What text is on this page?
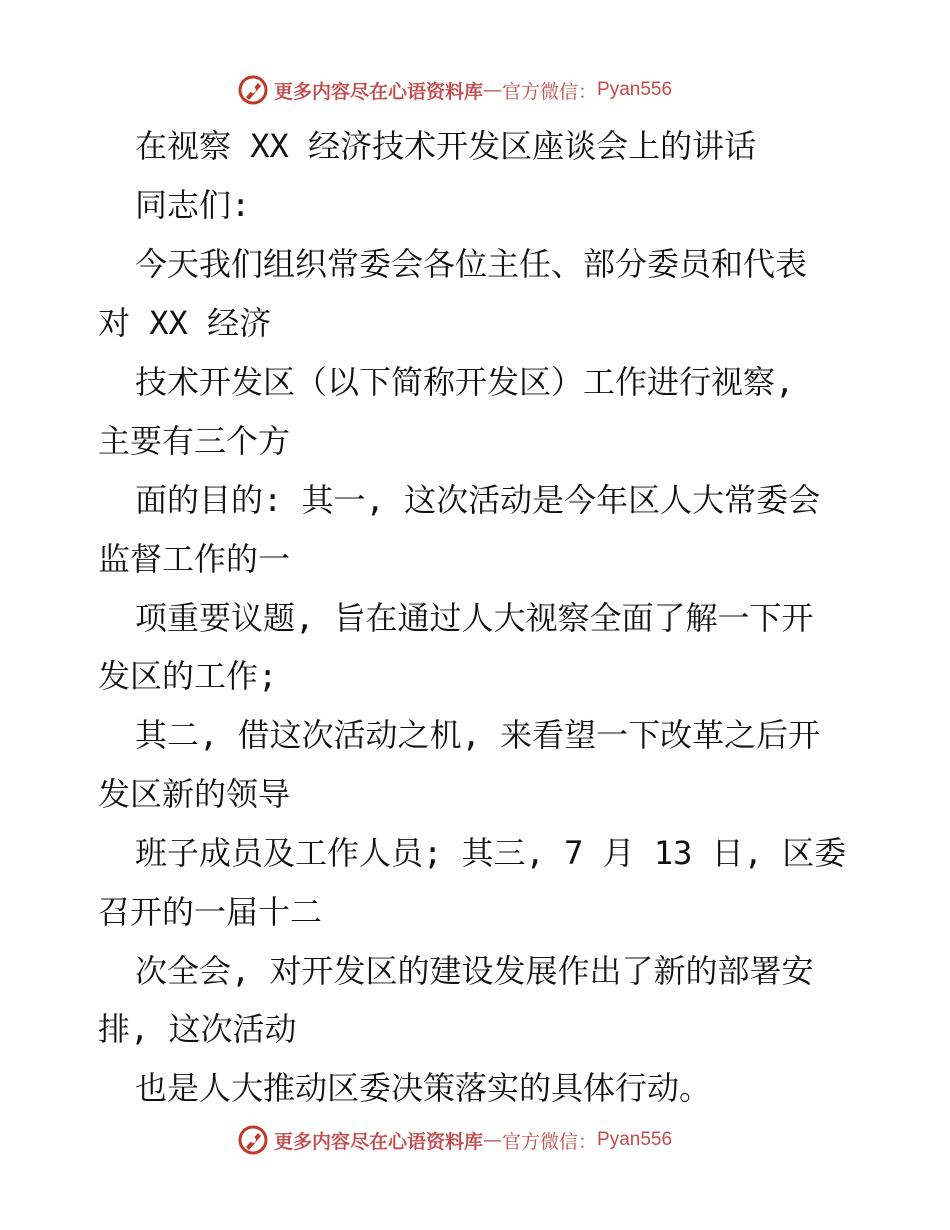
更多内容尽在心语资料库 — 官方微信： Pyan556
在视察 XX 经济技术开发区座谈会上的讲话
同志们:
今天我们组织常委会各位主任、部分委员和代表
对 XX 经济
技术开发区（以下简称开发区）工作进行视察,
主要有三个方
面的目的: 其一, 这次活动是今年区人大常委会
监督工作的一
项重要议题, 旨在通过人大视察全面了解一下开
发区的工作;
其二, 借这次活动之机, 来看望一下改革之后开
发区新的领导
班子成员及工作人员; 其三, 7 月 13 日, 区委
召开的一届十二
次全会, 对开发区的建设发展作出了新的部署安
排, 这次活动
也是人大推动区委决策落实的具体行动。
更多内容尽在心语资料库 — 官方微信： Pyan556
